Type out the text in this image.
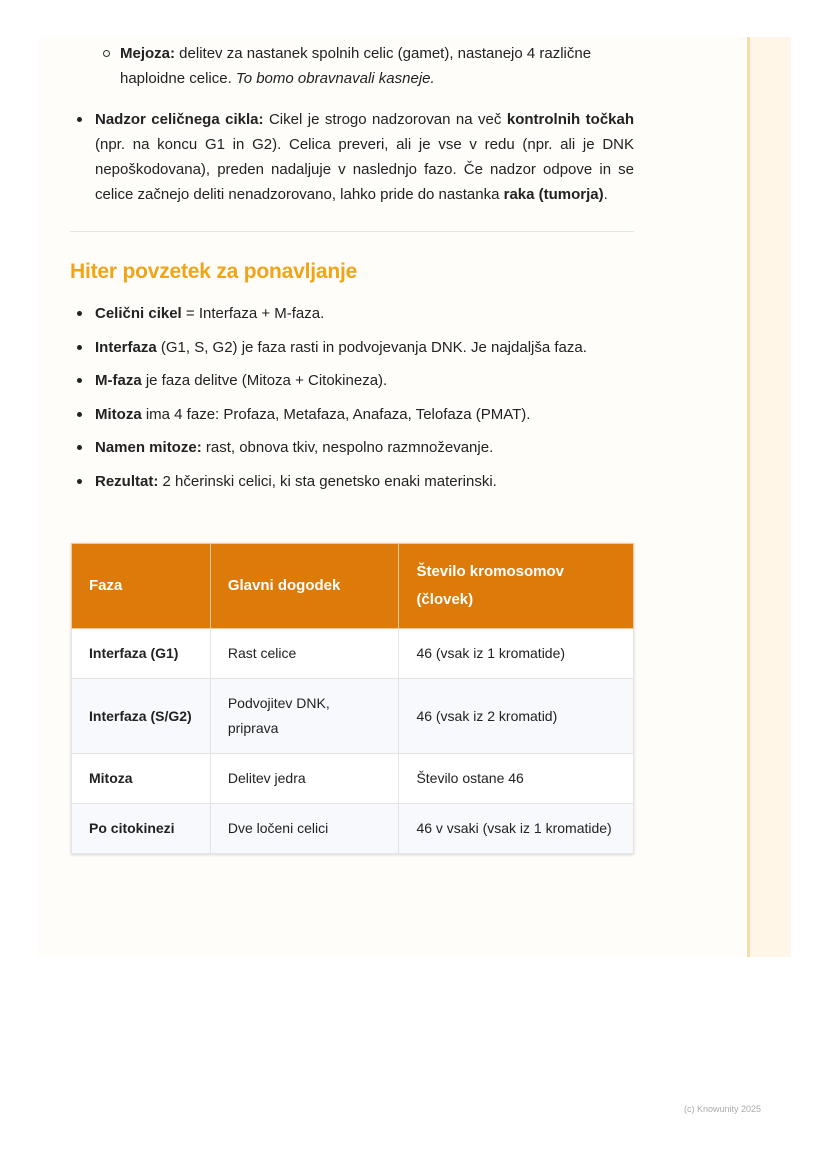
Mejoza: delitev za nastanek spolnih celic (gamet), nastanejo 4 različne haploidne celice. To bomo obravnavali kasneje.
Nadzor celičnega cikla: Cikel je strogo nadzorovan na več kontrolnih točkah (npr. na koncu G1 in G2). Celica preveri, ali je vse v redu (npr. ali je DNK nepoškodovana), preden nadaljuje v naslednjo fazo. Če nadzor odpove in se celice začnejo deliti nenadzorovano, lahko pride do nastanka raka (tumorja).
Hiter povzetek za ponavljanje
Celični cikel = Interfaza + M-faza.
Interfaza (G1, S, G2) je faza rasti in podvojevanja DNK. Je najdaljša faza.
M-faza je faza delitve (Mitoza + Citokineza).
Mitoza ima 4 faze: Profaza, Metafaza, Anafaza, Telofaza (PMAT).
Namen mitoze: rast, obnova tkiv, nespolno razmnoževanje.
Rezultat: 2 hčerinski celici, ki sta genetsko enaki materinski.
Faza	Glavni dogodek	Število kromosomov (človek)
Interfaza (G1)	Rast celice	46 (vsak iz 1 kromatide)
Interfaza (S/G2)	Podvojitev DNK, priprava	46 (vsak iz 2 kromatid)
Mitoza	Delitev jedra	Število ostane 46
Po citokinezi	Dve ločeni celici	46 v vsaki (vsak iz 1 kromatide)
(c) Knowunity 2025
